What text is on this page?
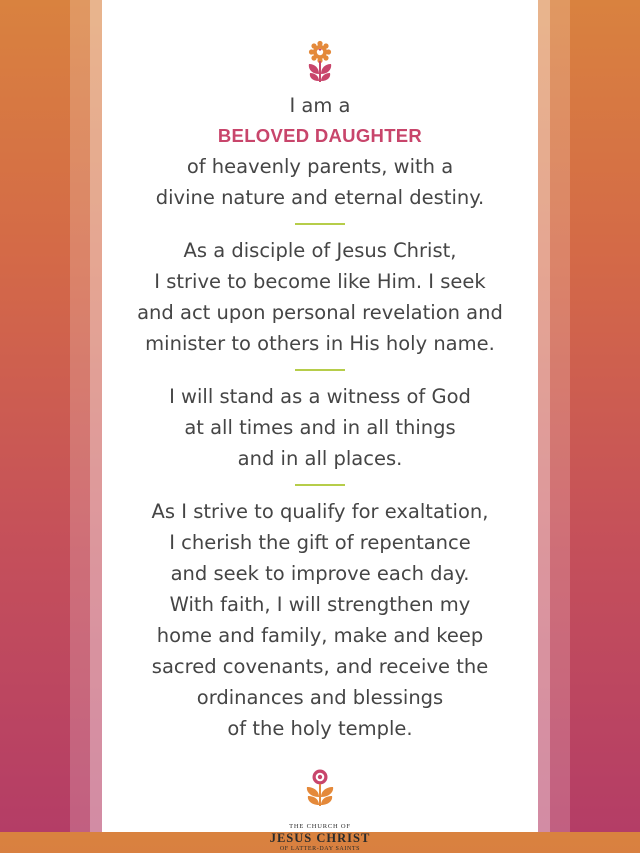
I am a
BELOVED DAUGHTER
of heavenly parents, with a
divine nature and eternal destiny.
As a disciple of Jesus Christ,
I strive to become like Him. I seek
and act upon personal revelation and
minister to others in His holy name.
I will stand as a witness of God
at all times and in all things
and in all places.
As I strive to qualify for exaltation,
I cherish the gift of repentance
and seek to improve each day.
With faith, I will strengthen my
home and family, make and keep
sacred covenants, and receive the
ordinances and blessings
of the holy temple.
THE CHURCH OF
JESUS CHRIST
OF LATTER-DAY SAINTS
